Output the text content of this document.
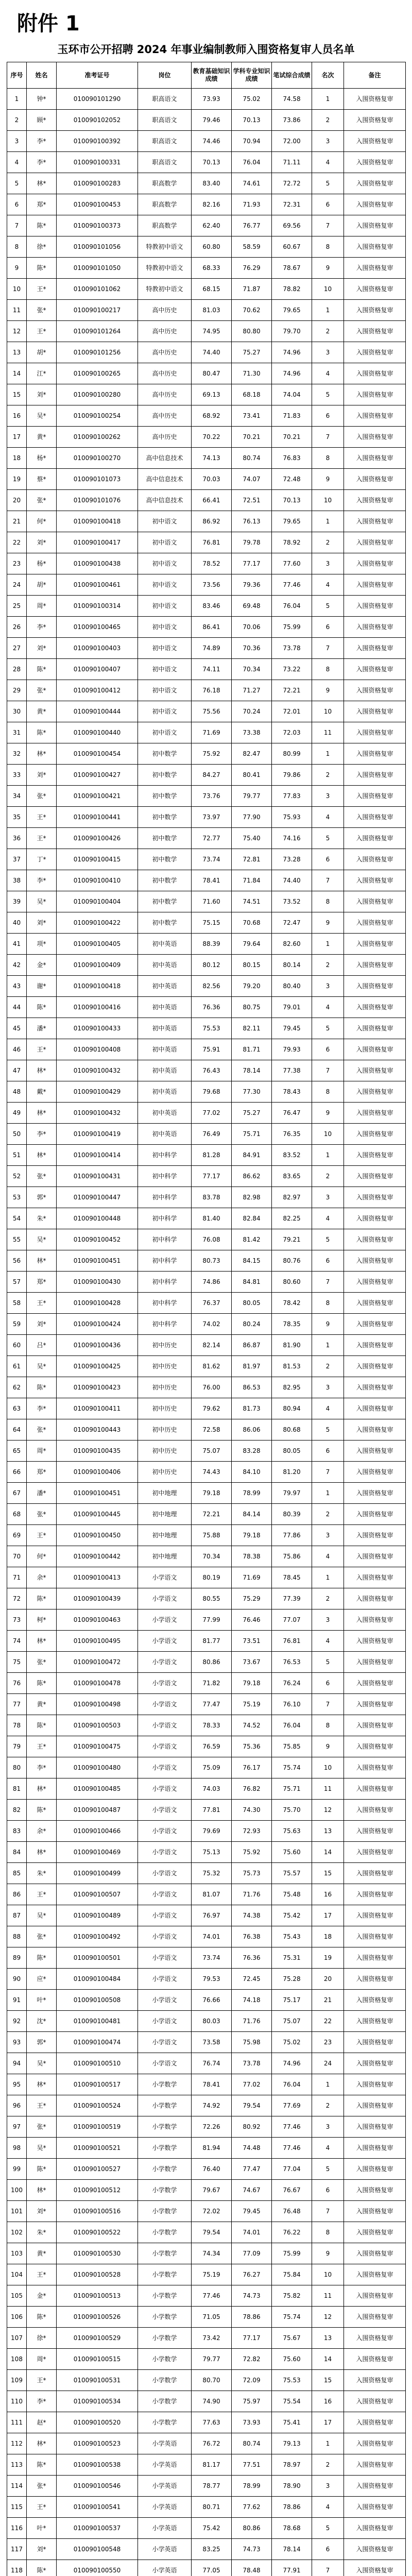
附件 1
玉环市公开招聘 2024 年事业编制教师入围资格复审人员名单
序号	姓名	准考证号	岗位	教育基础知识成绩	学科专业知识成绩	笔试综合成绩	名次	备注
1	钟*	010090101290	职高语文	73.93	75.02	74.58	1	入围资格复审
2	顾*	010090102052	职高语文	79.46	70.13	73.86	2	入围资格复审
3	李*	010090100392	职高语文	74.46	70.94	72.00	3	入围资格复审
4	李*	010090100331	职高语文	70.13	76.04	71.11	4	入围资格复审
5	林*	010090100283	职高数学	83.40	74.61	72.72	5	入围资格复审
6	郑*	010090100453	职高数学	82.16	71.93	72.31	6	入围资格复审
7	陈*	010090100373	职高数学	62.40	76.77	69.56	7	入围资格复审
8	徐*	010090101056	特教初中语文	60.80	58.59	60.67	8	入围资格复审
9	陈*	010090101050	特教初中语文	68.33	76.29	78.67	9	入围资格复审
10	王*	010090101062	特教初中语文	68.15	71.87	78.82	10	入围资格复审
11	张*	010090100217	高中历史	81.03	70.62	79.65	1	入围资格复审
12	王*	010090101264	高中历史	74.95	80.80	79.70	2	入围资格复审
13	胡*	010090101256	高中历史	74.40	75.27	74.96	3	入围资格复审
14	江*	010090100265	高中历史	80.47	71.30	74.96	4	入围资格复审
15	刘*	010090100280	高中历史	69.13	68.18	74.04	5	入围资格复审
16	吴*	010090100254	高中历史	68.92	73.41	71.83	6	入围资格复审
17	黄*	010090100262	高中历史	70.22	70.21	70.21	7	入围资格复审
18	杨*	010090100270	高中信息技术	74.13	80.74	76.83	8	入围资格复审
19	蔡*	010090101073	高中信息技术	70.03	74.07	72.48	9	入围资格复审
20	张*	010090101076	高中信息技术	66.41	72.51	70.13	10	入围资格复审
21	何*	010090100418	初中语文	86.92	76.13	79.65	1	入围资格复审
22	刘*	010090100417	初中语文	76.81	79.78	78.92	2	入围资格复审
23	杨*	010090100438	初中语文	78.52	77.17	77.60	3	入围资格复审
24	胡*	010090100461	初中语文	73.56	79.36	77.46	4	入围资格复审
25	周*	010090100314	初中语文	83.46	69.48	76.04	5	入围资格复审
26	李*	010090100465	初中语文	86.41	70.06	75.99	6	入围资格复审
27	刘*	010090100403	初中语文	74.89	70.36	73.78	7	入围资格复审
28	陈*	010090100407	初中语文	74.11	70.34	73.22	8	入围资格复审
29	张*	010090100412	初中语文	76.18	71.27	72.21	9	入围资格复审
30	黄*	010090100444	初中语文	75.56	70.24	72.01	10	入围资格复审
31	陈*	010090100440	初中语文	71.69	73.38	72.03	11	入围资格复审
32	林*	010090100454	初中数学	75.92	82.47	80.99	1	入围资格复审
33	刘*	010090100427	初中数学	84.27	80.41	79.86	2	入围资格复审
34	张*	010090100421	初中数学	73.76	79.77	77.83	3	入围资格复审
35	王*	010090100441	初中数学	73.97	77.90	75.93	4	入围资格复审
36	王*	010090100426	初中数学	72.77	75.40	74.16	5	入围资格复审
37	丁*	010090100415	初中数学	73.74	72.81	73.28	6	入围资格复审
38	李*	010090100410	初中数学	78.41	71.84	74.40	7	入围资格复审
39	吴*	010090100404	初中数学	71.60	74.51	73.52	8	入围资格复审
40	刘*	010090100422	初中数学	75.15	70.68	72.47	9	入围资格复审
41	项*	010090100405	初中英语	88.39	79.64	82.60	1	入围资格复审
42	金*	010090100409	初中英语	80.12	80.15	80.14	2	入围资格复审
43	谢*	010090100418	初中英语	82.56	79.20	80.40	3	入围资格复审
44	陈*	010090100416	初中英语	76.36	80.75	79.01	4	入围资格复审
45	潘*	010090100433	初中英语	75.53	82.11	79.45	5	入围资格复审
46	王*	010090100408	初中英语	75.91	81.71	79.93	6	入围资格复审
47	林*	010090100432	初中英语	76.43	78.14	77.38	7	入围资格复审
48	戴*	010090100429	初中英语	79.68	77.30	78.43	8	入围资格复审
49	林*	010090100432	初中英语	77.02	75.27	76.47	9	入围资格复审
50	李*	010090100419	初中英语	76.49	75.71	76.35	10	入围资格复审
51	林*	010090100414	初中科学	81.28	84.91	83.52	1	入围资格复审
52	张*	010090100431	初中科学	77.17	86.62	83.65	2	入围资格复审
53	郭*	010090100447	初中科学	83.78	82.98	82.97	3	入围资格复审
54	朱*	010090100448	初中科学	81.40	82.84	82.25	4	入围资格复审
55	吴*	010090100452	初中科学	76.08	81.42	79.21	5	入围资格复审
56	林*	010090100451	初中科学	80.73	84.15	80.76	6	入围资格复审
57	郑*	010090100430	初中科学	74.86	84.81	80.60	7	入围资格复审
58	王*	010090100428	初中科学	76.37	80.05	78.42	8	入围资格复审
59	刘*	010090100424	初中科学	74.02	80.24	78.35	9	入围资格复审
60	吕*	010090100436	初中历史	82.14	86.87	81.90	1	入围资格复审
61	吴*	010090100425	初中历史	81.62	81.97	81.53	2	入围资格复审
62	陈*	010090100423	初中历史	76.00	86.53	82.95	3	入围资格复审
63	李*	010090100411	初中历史	79.62	81.73	80.94	4	入围资格复审
64	张*	010090100443	初中历史	72.58	86.06	80.68	5	入围资格复审
65	周*	010090100435	初中历史	75.07	83.28	80.05	6	入围资格复审
66	郑*	010090100406	初中历史	74.43	84.10	81.20	7	入围资格复审
67	潘*	010090100451	初中地理	79.18	78.99	79.97	1	入围资格复审
68	张*	010090100445	初中地理	72.21	84.14	80.39	2	入围资格复审
69	王*	010090100450	初中地理	75.88	79.18	77.86	3	入围资格复审
70	何*	010090100442	初中地理	70.34	78.38	75.86	4	入围资格复审
71	余*	010090100413	小学语文	80.19	71.69	78.45	1	入围资格复审
72	陈*	010090100439	小学语文	80.55	75.29	77.39	2	入围资格复审
73	柯*	010090100463	小学语文	77.99	76.46	77.07	3	入围资格复审
74	林*	010090100495	小学语文	81.77	73.51	76.81	4	入围资格复审
75	张*	010090100472	小学语文	80.86	73.67	76.53	5	入围资格复审
76	陈*	010090100478	小学语文	71.82	79.18	76.24	6	入围资格复审
77	黄*	010090100498	小学语文	77.47	75.19	76.10	7	入围资格复审
78	陈*	010090100503	小学语文	78.33	74.52	76.04	8	入围资格复审
79	王*	010090100475	小学语文	76.59	75.36	75.85	9	入围资格复审
80	李*	010090100480	小学语文	75.09	76.17	75.74	10	入围资格复审
81	林*	010090100485	小学语文	74.03	76.82	75.71	11	入围资格复审
82	陈*	010090100487	小学语文	77.81	74.30	75.70	12	入围资格复审
83	余*	010090100466	小学语文	79.69	72.93	75.63	13	入围资格复审
84	林*	010090100469	小学语文	75.13	75.92	75.60	14	入围资格复审
85	朱*	010090100499	小学语文	75.32	75.73	75.57	15	入围资格复审
86	王*	010090100507	小学语文	81.07	71.76	75.48	16	入围资格复审
87	吴*	010090100489	小学语文	76.97	74.38	75.42	17	入围资格复审
88	张*	010090100492	小学语文	74.01	76.38	75.43	18	入围资格复审
89	陈*	010090100501	小学语文	73.74	76.36	75.31	19	入围资格复审
90	应*	010090100484	小学语文	79.53	72.45	75.28	20	入围资格复审
91	叶*	010090100508	小学语文	76.66	74.18	75.17	21	入围资格复审
92	沈*	010090100481	小学语文	80.03	71.76	75.07	22	入围资格复审
93	郭*	010090100474	小学语文	73.58	75.98	75.02	23	入围资格复审
94	吴*	010090100510	小学语文	76.74	73.78	74.96	24	入围资格复审
95	林*	010090100517	小学数学	78.41	77.02	76.04	1	入围资格复审
96	王*	010090100524	小学数学	74.92	79.54	77.69	2	入围资格复审
97	张*	010090100519	小学数学	72.26	80.92	77.46	3	入围资格复审
98	吴*	010090100521	小学数学	81.94	74.48	77.46	4	入围资格复审
99	陈*	010090100527	小学数学	76.40	77.47	77.04	5	入围资格复审
100	林*	010090100512	小学数学	79.67	74.67	76.67	6	入围资格复审
101	刘*	010090100516	小学数学	72.02	79.45	76.48	7	入围资格复审
102	朱*	010090100522	小学数学	79.54	74.01	76.22	8	入围资格复审
103	黄*	010090100530	小学数学	74.34	77.09	75.99	9	入围资格复审
104	王*	010090100528	小学数学	75.19	76.27	75.84	10	入围资格复审
105	金*	010090100513	小学数学	77.46	74.73	75.82	11	入围资格复审
106	陈*	010090100526	小学数学	71.05	78.86	75.74	12	入围资格复审
107	徐*	010090100529	小学数学	73.42	77.17	75.67	13	入围资格复审
108	周*	010090100515	小学数学	79.77	72.82	75.60	14	入围资格复审
109	王*	010090100531	小学数学	80.70	72.09	75.53	15	入围资格复审
110	李*	010090100534	小学数学	74.90	75.97	75.54	16	入围资格复审
111	赵*	010090100520	小学数学	77.63	73.93	75.41	17	入围资格复审
112	林*	010090100523	小学英语	76.72	80.74	79.13	1	入围资格复审
113	陈*	010090100538	小学英语	81.17	77.51	78.97	2	入围资格复审
114	张*	010090100546	小学英语	78.77	78.99	78.90	3	入围资格复审
115	王*	010090100541	小学英语	80.71	77.62	78.86	4	入围资格复审
116	叶*	010090100537	小学英语	75.42	80.86	78.68	5	入围资格复审
117	刘*	010090100548	小学英语	83.25	74.73	78.14	6	入围资格复审
118	陈*	010090100550	小学英语	77.05	78.48	77.91	7	入围资格复审
